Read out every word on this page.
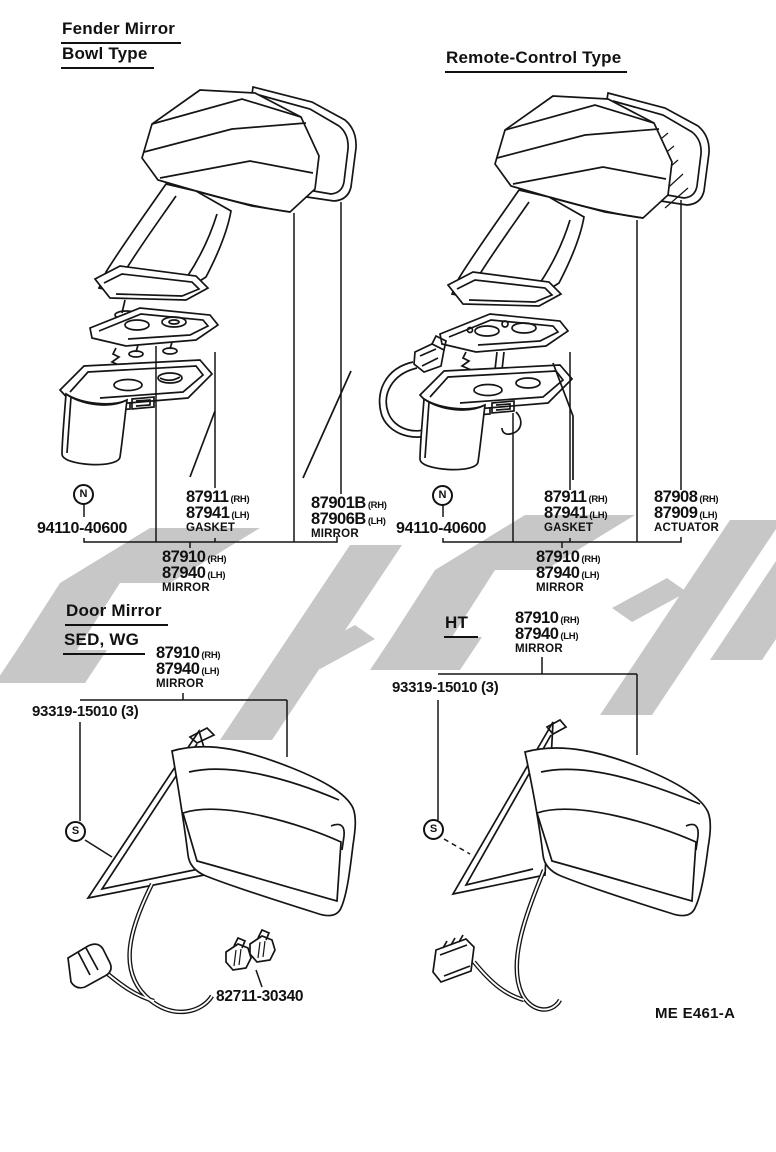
Fender Mirror
Bowl Type	Remote-Control Type
Door Mirror
SED, WG
HT
N	N
S	S
94110-40600
87911 (RH)
87941 (LH)
GASKET
87901B (RH)
87906B (LH)
MIRROR
87910 (RH)
87940 (LH)
MIRROR
94110-40600
87911 (RH)
87941 (LH)
GASKET
87908 (RH)
87909 (LH)
ACTUATOR
87910 (RH)
87940 (LH)
MIRROR
87910 (RH)
87940 (LH)
MIRROR
93319-15010 (3)
82711-30340
87910 (RH)
87940 (LH)
MIRROR
93319-15010 (3)
ME E461-A
